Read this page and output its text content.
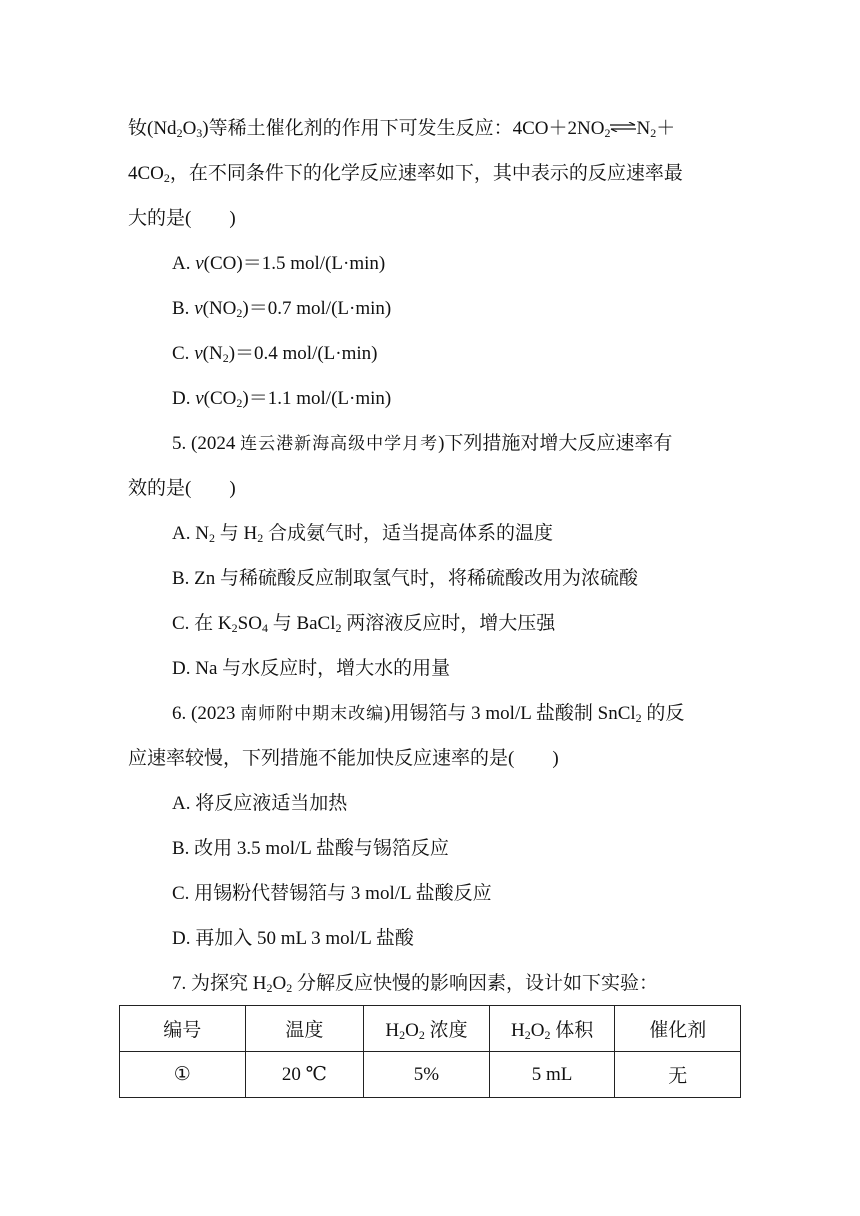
钕$(Nd_2O_3)$等稀土催化剂的作用下可发生反应：$4CO+2NO_2\rightleftharpoons N_2+$
$4CO_2$，在不同条件下的化学反应速率如下，其中表示的反应速率最
大的是(　　)
A. v(CO)＝1.5 mol/(L·min)
B. $v(NO_2)=0.7$ mol/(L·min)
C. $v(N_2)=0.4$ mol/(L·min)
D. $v(CO_2)=1.1$ mol/(L·min)
5. (2024 连云港新海高级中学月考)下列措施对增大反应速率有
效的是(　　)
A. $N_2$ 与 $H_2$ 合成氨气时，适当提高体系的温度
B. Zn 与稀硫酸反应制取氢气时，将稀硫酸改用为浓硫酸
C. 在 $K_2SO_4$ 与 BaCl$_2$ 两溶液反应时，增大压强
D. Na 与水反应时，增大水的用量
6. (2023 南师附中期末改编)用锡箔与 3 mol/L 盐酸制 SnCl$_2$ 的反
应速率较慢，下列措施不能加快反应速率的是(　　)
A. 将反应液适当加热
B. 改用 3.5 mol/L 盐酸与锡箔反应
C. 用锡粉代替锡箔与 3 mol/L 盐酸反应
D. 再加入 50 mL 3 mol/L 盐酸
7. 为探究 $H_2O_2$ 分解反应快慢的影响因素，设计如下实验：
编号	温度	$H_2O_2$ 浓度	$H_2O_2$ 体积	催化剂
①	20 ℃	5%	5 mL	无
